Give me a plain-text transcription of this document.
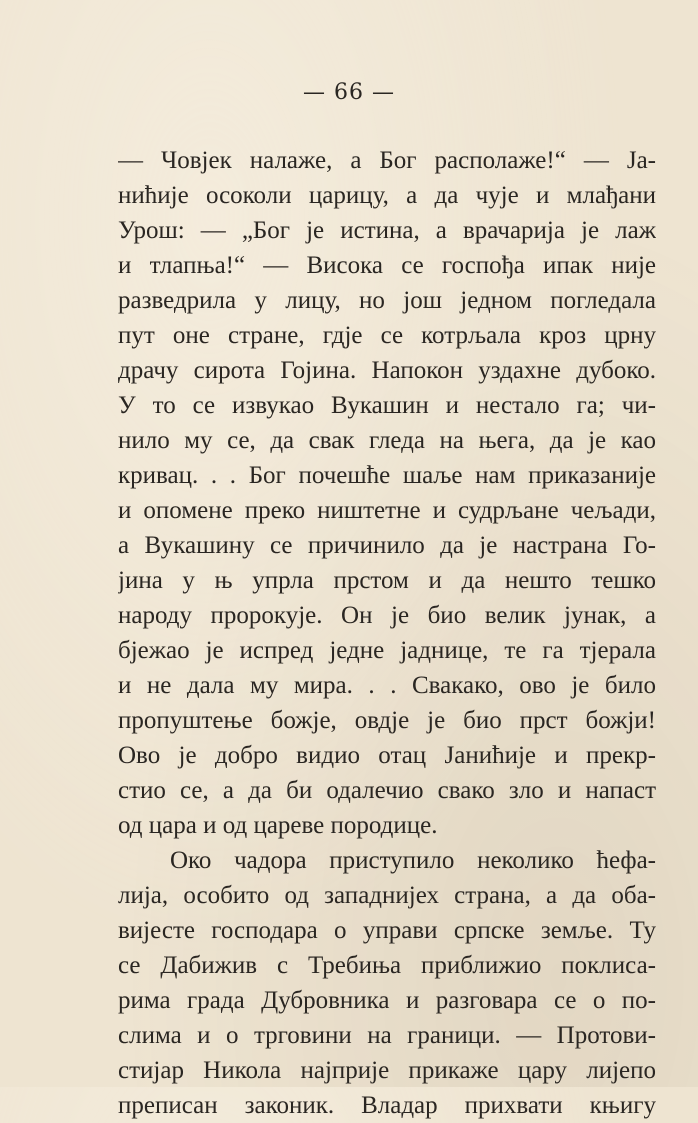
— 66 —
— Човјек налаже, а Бог располаже!“ — Ја-
нићије осоколи царицу, а да чује и млађани
Урош: — „Бог је истина, а врачарија је лаж
и тлапња!“ — Висока се госпођа ипак није
разведрила у лицу, но још једном погледала
пут оне стране, гдје се котрљала кроз црну
драчу сирота Гојина. Напокон уздахне дубоко.
У то се извукао Вукашин и нестало га; чи-
нило му се, да свак гледа на њега, да је као
кривац. . . Бог почешће шаље нам приказаније
и опомене преко ништетне и судрљане чељади,
а Вукашину се причинило да је настрана Го-
јина у њ упрла прстом и да нешто тешко
народу пророкује. Он је био велик јунак, а
бјежао је испред једне јаднице, те га тјерала
и не дала му мира. . . Свакако, ово је било
пропуштење божје, овдје је био прст божји!
Ово је добро видио отац Јанићије и прекр-
стио се, а да би одалечио свако зло и напаст
од цара и од цареве породице.
Око чадора приступило неколико ћефа-
лија, особито од западнијех страна, а да оба-
вијесте господара о управи српске земље. Ту
се Дабижив с Требиња приближио поклиса-
рима града Дубровника и разговара се о по-
слима и о трговини на граници. — Протови-
стијар Никола најприје прикаже цару лијепо
преписан законик. Владар прихвати књигу
